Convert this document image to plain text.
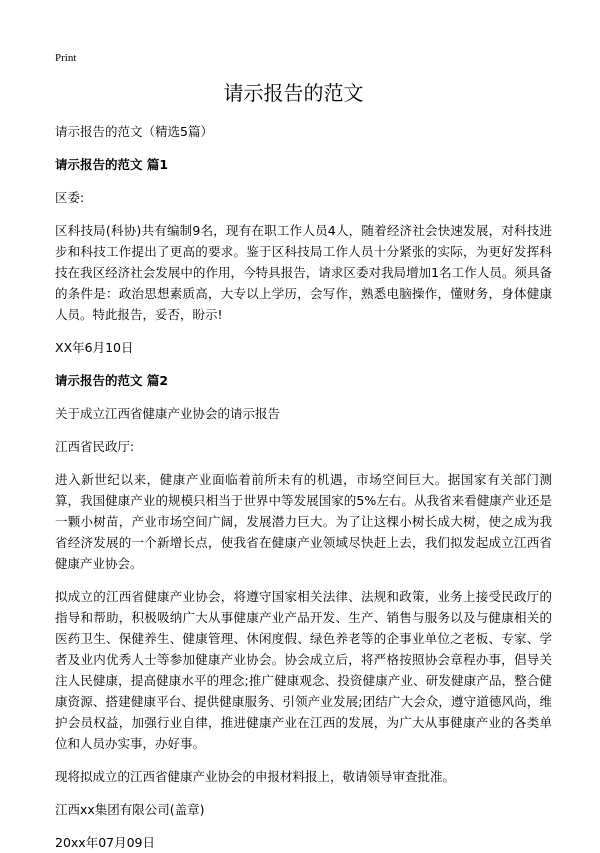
Print
请示报告的范文
请示报告的范文（精选5篇）
请示报告的范文 篇1
区委:
区科技局(科协)共有编制9名，现有在职工作人员4人，随着经济社会快速发展，对科技进步和科技工作提出了更高的要求。鉴于区科技局工作人员十分紧张的实际，为更好发挥科技在我区经济社会发展中的作用，今特具报告，请求区委对我局增加1名工作人员。须具备的条件是：政治思想素质高，大专以上学历，会写作，熟悉电脑操作，懂财务，身体健康人员。特此报告，妥否，盼示!
XX年6月10日
请示报告的范文 篇2
关于成立江西省健康产业协会的请示报告
江西省民政厅:
进入新世纪以来，健康产业面临着前所未有的机遇，市场空间巨大。据国家有关部门测算，我国健康产业的规模只相当于世界中等发展国家的5%左右。从我省来看健康产业还是一颗小树苗，产业市场空间广阔，发展潜力巨大。为了让这棵小树长成大树，使之成为我省经济发展的一个新增长点，使我省在健康产业领域尽快赶上去，我们拟发起成立江西省健康产业协会。
拟成立的江西省健康产业协会，将遵守国家相关法律、法规和政策，业务上接受民政厅的指导和帮助，积极吸纳广大从事健康产业产品开发、生产、销售与服务以及与健康相关的医药卫生、保健养生、健康管理、休闲度假、绿色养老等的企事业单位之老板、专家、学者及业内优秀人士等参加健康产业协会。协会成立后，将严格按照协会章程办事，倡导关注人民健康，提高健康水平的理念;推广健康观念、投资健康产业、研发健康产品，整合健康资源、搭建健康平台、提供健康服务、引领产业发展;团结广大会众，遵守道德风尚，维护会员权益，加强行业自律，推进健康产业在江西的发展，为广大从事健康产业的各类单位和人员办实事，办好事。
现将拟成立的江西省健康产业协会的申报材料报上，敬请领导审查批准。
江西xx集团有限公司(盖章)
20xx年07月09日
